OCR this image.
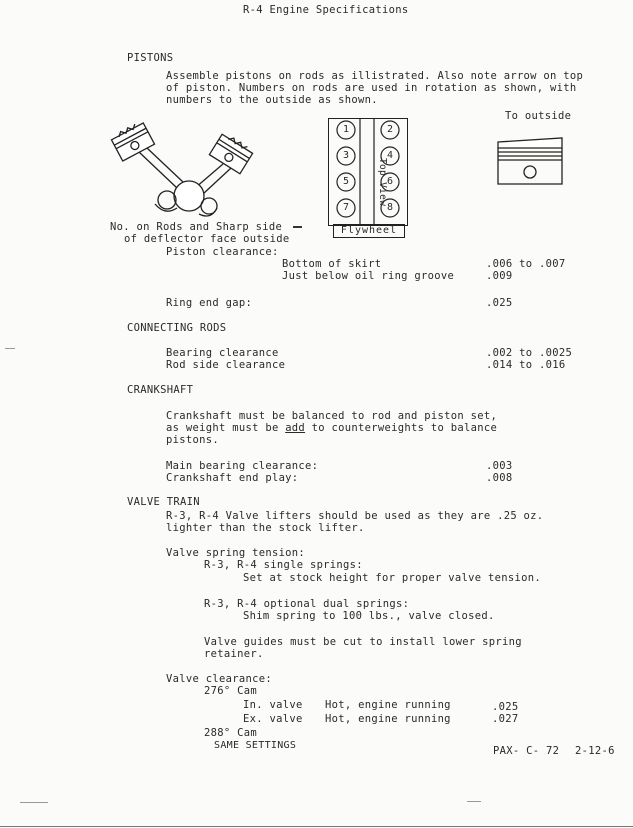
R-4 Engine Specifications
PISTONS
Assemble pistons on rods as illistrated. Also note arrow on top
of piston. Numbers on rods are used in rotation as shown, with
numbers to the outside as shown.
To outside
1	2
3	4
5	6
7	8
Top View
Flywheel
No. on Rods and Sharp side
of deflector face outside
Piston clearance:
Bottom of skirt	.006 to .007
Just below oil ring groove	.009
Ring end gap:	.025
CONNECTING RODS
Bearing clearance	.002 to .0025
Rod side clearance	.014 to .016
CRANKSHAFT
Crankshaft must be balanced to rod and piston set,
as weight must be add to counterweights to balance
pistons.
Main bearing clearance:	.003
Crankshaft end play:	.008
VALVE TRAIN
R-3, R-4 Valve lifters should be used as they are .25 oz.
lighter than the stock lifter.
Valve spring tension:
R-3, R-4 single springs:
Set at stock height for proper valve tension.
R-3, R-4 optional dual springs:
Shim spring to 100 lbs., valve closed.
Valve guides must be cut to install lower spring
retainer.
Valve clearance:
276° Cam
In. valve Hot, engine running	.025
Ex. valve Hot, engine running	.027
288° Cam
SAME SETTINGS	PAX- C- 72 2-12-6
